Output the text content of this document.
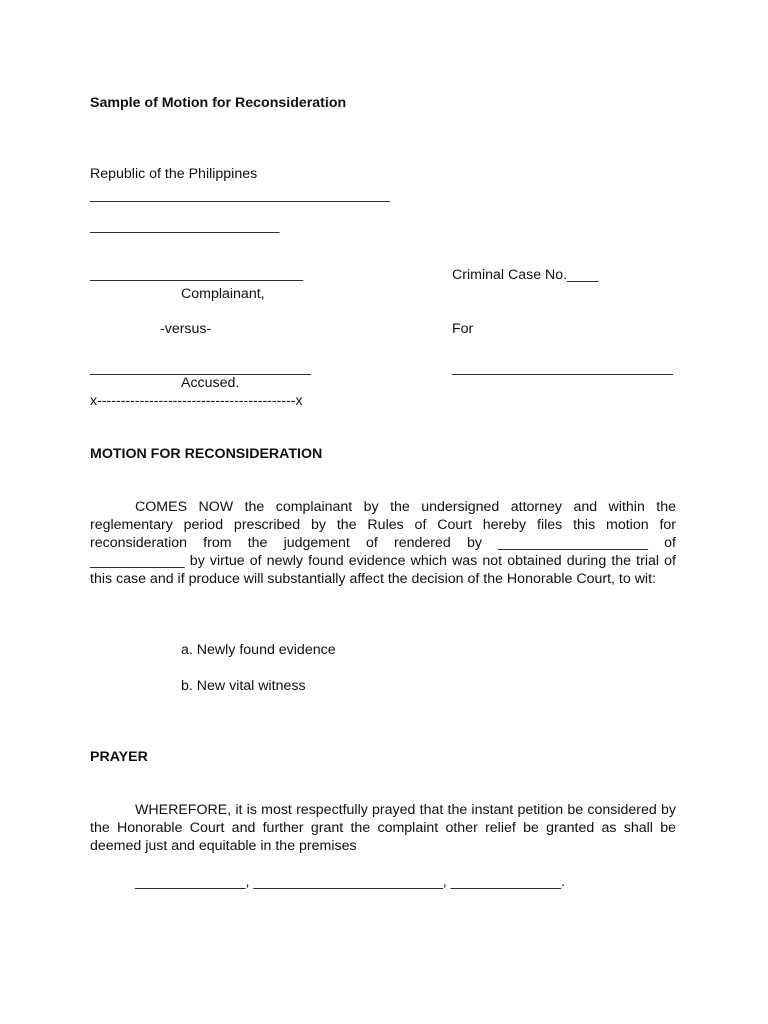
Sample of Motion for Reconsideration
Republic of the Philippines
______________________________________
________________________
___________________________
Complainant,
-versus-
____________________________
Accused.
x------------------------------------------x
Criminal Case No.____
For
____________________________
MOTION FOR RECONSIDERATION
COMES NOW the complainant by the undersigned attorney and within the reglementary period prescribed by the Rules of Court hereby files this motion for reconsideration from the judgement of rendered by ___________________ of ____________ by virtue of newly found evidence which was not obtained during the trial of this case and if produce will substantially affect the decision of the Honorable Court, to wit:
a. Newly found evidence
b. New vital witness
PRAYER
WHEREFORE, it is most respectfully prayed that the instant petition be considered by the Honorable Court and further grant the complaint other relief be granted as shall be deemed just and equitable in the premises
______________, ________________________, ______________.
